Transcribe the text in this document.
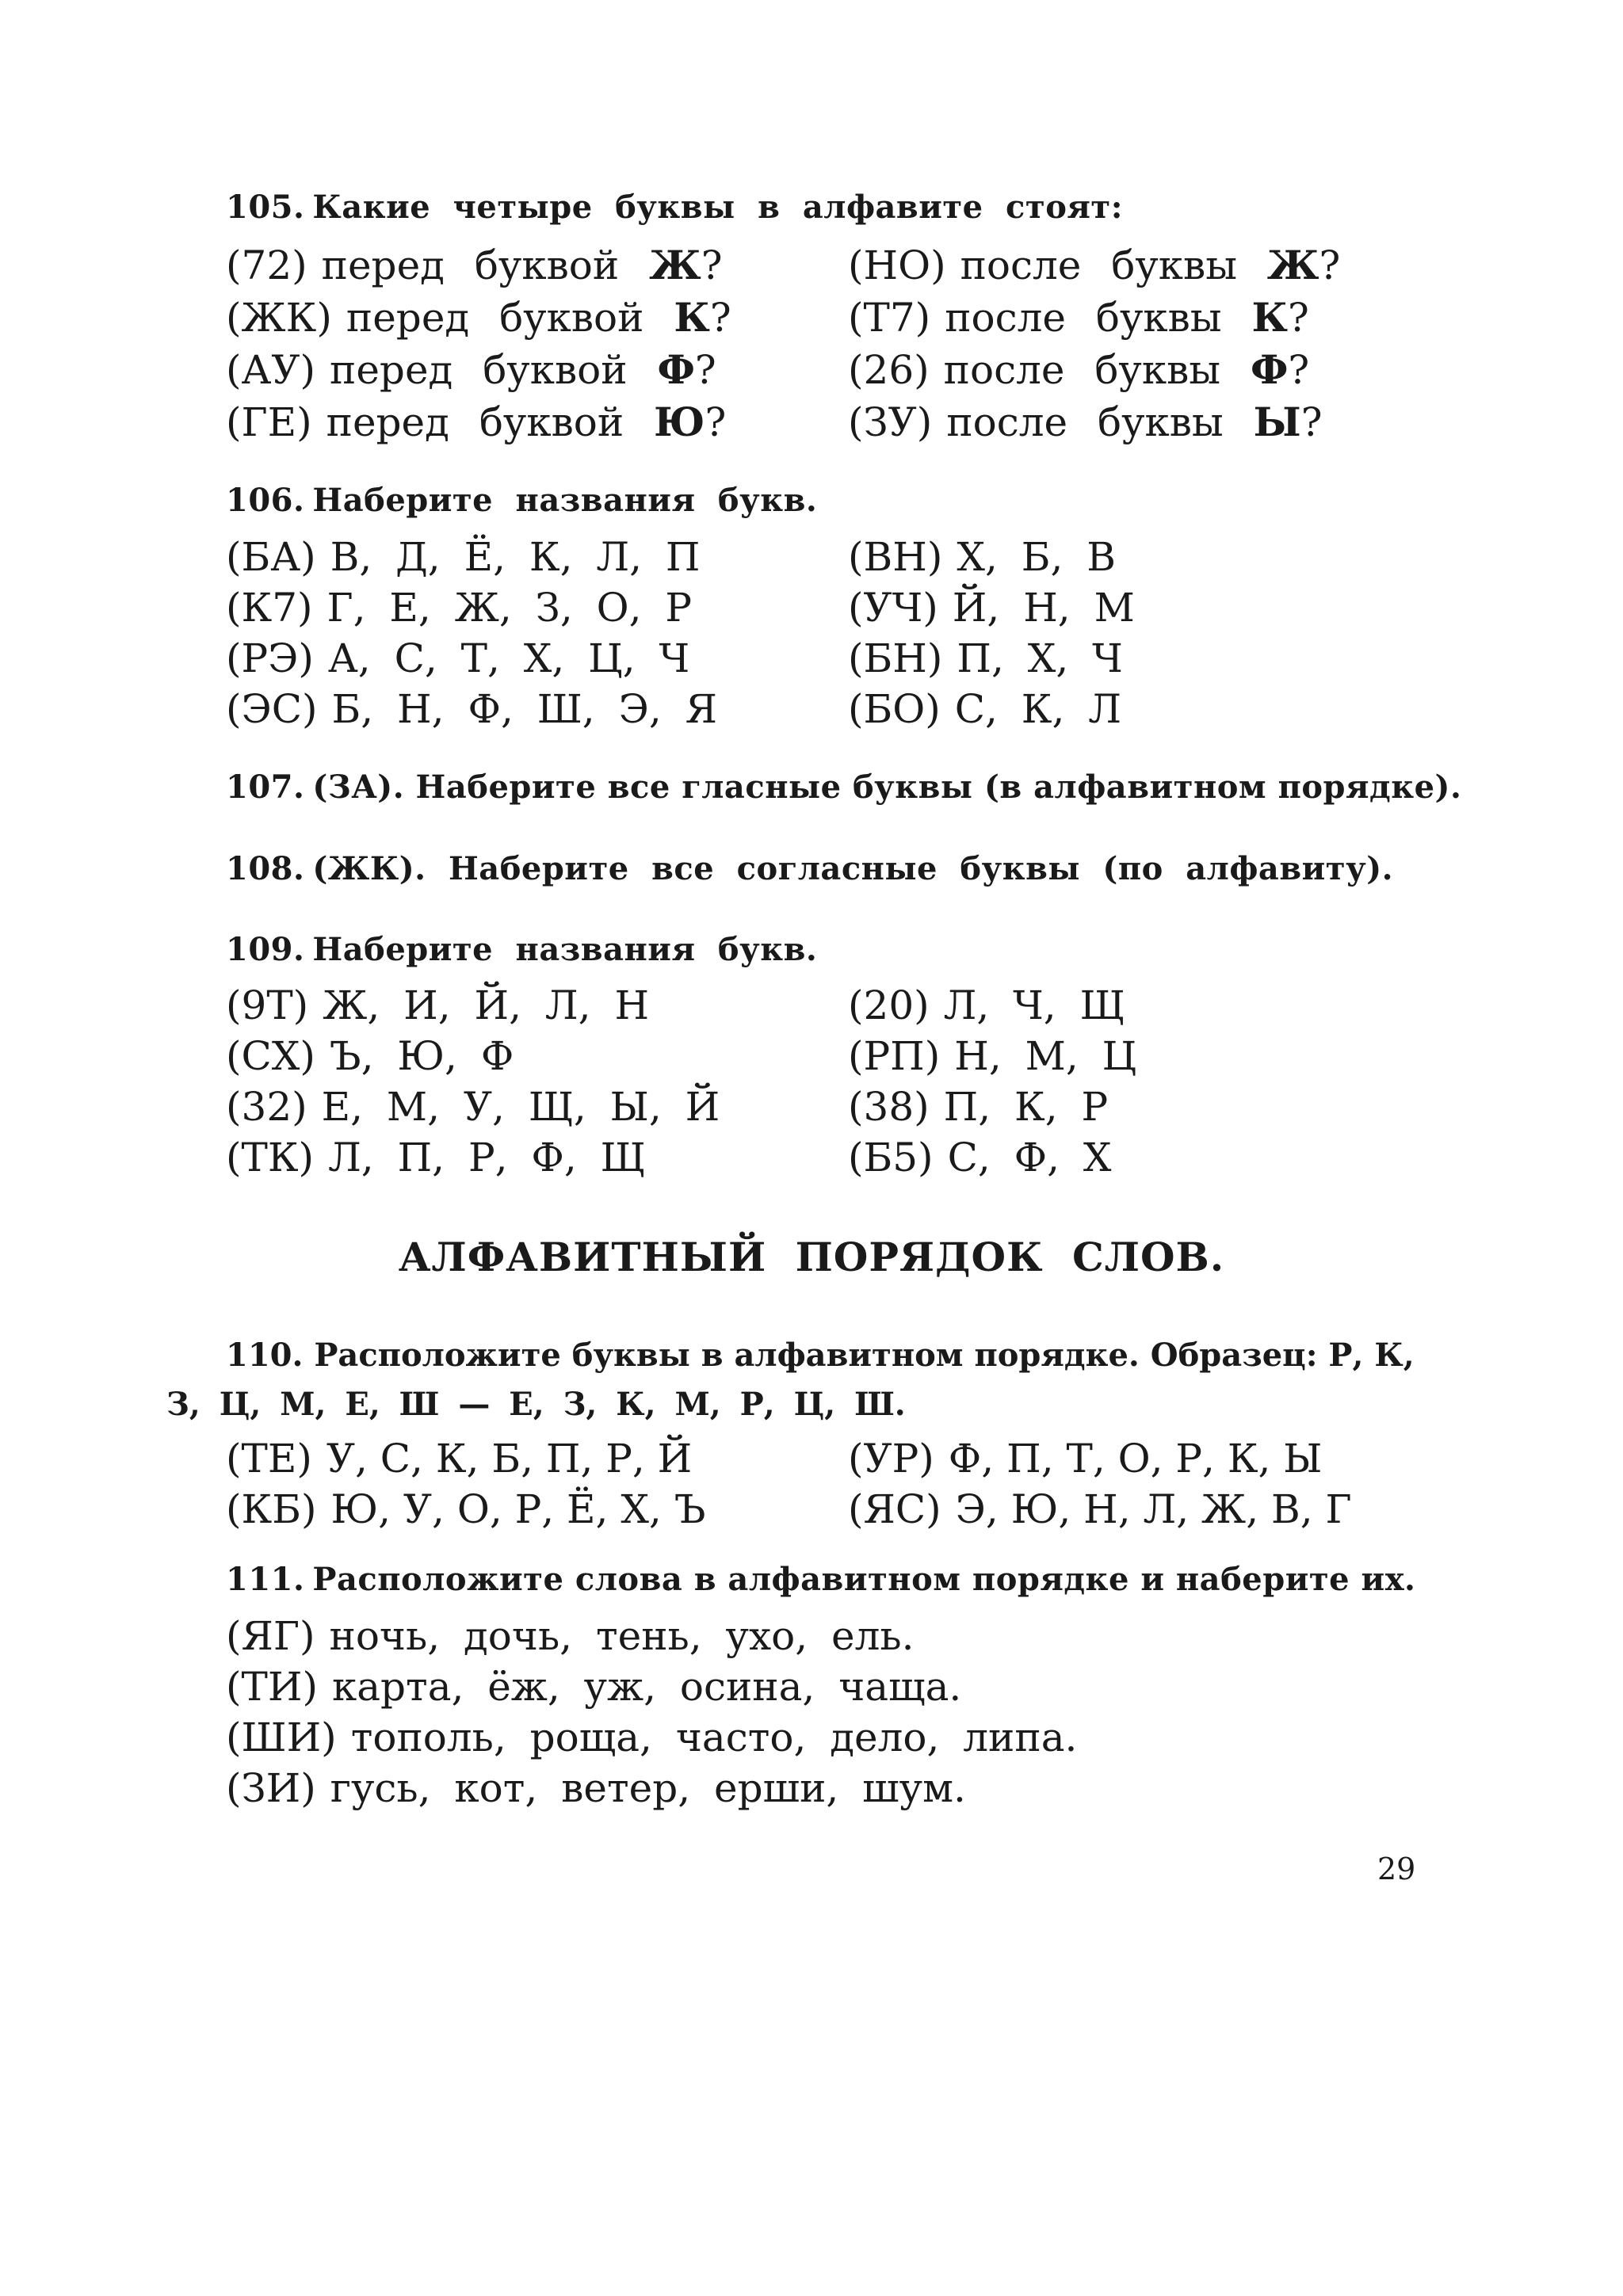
105. Какие четыре буквы в алфавите стоят:
(72) перед буквой Ж?	(НО) после буквы Ж?
(ЖК) перед буквой К?	(Т7) после буквы К?
(АУ) перед буквой Ф?	(26) после буквы Ф?
(ГЕ) перед буквой Ю?	(ЗУ) после буквы Ы?
106. Наберите названия букв.
(БА) В, Д, Ё, К, Л, П	(ВН) Х, Б, В
(К7) Г, Е, Ж, З, О, Р	(УЧ) Й, Н, М
(РЭ) А, С, Т, Х, Ц, Ч	(БН) П, Х, Ч
(ЭС) Б, Н, Ф, Ш, Э, Я	(БО) С, К, Л
107. (ЗА). Наберите все гласные буквы (в алфавитном порядке).
108. (ЖК). Наберите все согласные буквы (по алфавиту).
109. Наберите названия букв.
(9Т) Ж, И, Й, Л, Н	(20) Л, Ч, Щ
(СХ) Ъ, Ю, Ф	(РП) Н, М, Ц
(32) Е, М, У, Щ, Ы, Й	(38) П, К, Р
(ТК) Л, П, Р, Ф, Щ	(Б5) С, Ф, Х
АЛФАВИТНЫЙ ПОРЯДОК СЛОВ.
110. Расположите буквы в алфавитном порядке. Образец: Р, К,
З, Ц, М, Е, Ш — Е, З, К, М, Р, Ц, Ш.
(ТЕ) У, С, К, Б, П, Р, Й	(УР) Ф, П, Т, О, Р, К, Ы
(КБ) Ю, У, О, Р, Ё, Х, Ъ	(ЯС) Э, Ю, Н, Л, Ж, В, Г
111. Расположите слова в алфавитном порядке и наберите их.
(ЯГ) ночь, дочь, тень, ухо, ель.
(ТИ) карта, ёж, уж, осина, чаща.
(ШИ) тополь, роща, часто, дело, липа.
(ЗИ) гусь, кот, ветер, ерши, шум.
29
